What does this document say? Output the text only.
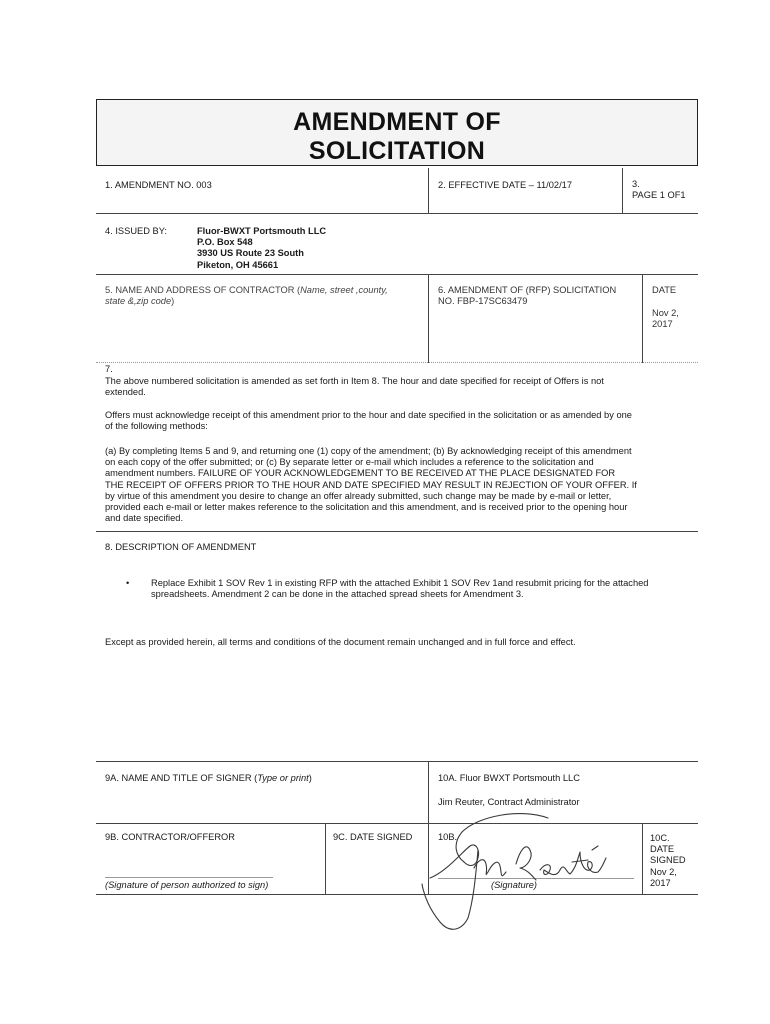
AMENDMENT OF
SOLICITATION
1. AMENDMENT NO. 003	2. EFFECTIVE DATE – 11/02/17	3.
PAGE 1 OF1
4. ISSUED BY:	Fluor-BWXT Portsmouth LLC
P.O. Box 548
3930 US Route 23 South
Piketon, OH 45661
5. NAME AND ADDRESS OF CONTRACTOR (Name, street ,county,
state &,zip code)
6. AMENDMENT OF (RFP) SOLICITATION
NO. FBP-17SC63479
DATE
Nov 2,
2017
7.
The above numbered solicitation is amended as set forth in Item 8. The hour and date specified for receipt of Offers is not
extended.
Offers must acknowledge receipt of this amendment prior to the hour and date specified in the solicitation or as amended by one
of the following methods:
(a) By completing Items 5 and 9, and returning one (1) copy of the amendment; (b) By acknowledging receipt of this amendment
on each copy of the offer submitted; or (c) By separate letter or e-mail which includes a reference to the solicitation and
amendment numbers. FAILURE OF YOUR ACKNOWLEDGEMENT TO BE RECEIVED AT THE PLACE DESIGNATED FOR
THE RECEIPT OF OFFERS PRIOR TO THE HOUR AND DATE SPECIFIED MAY RESULT IN REJECTION OF YOUR OFFER. If
by virtue of this amendment you desire to change an offer already submitted, such change may be made by e-mail or letter,
provided each e-mail or letter makes reference to the solicitation and this amendment, and is received prior to the opening hour
and date specified.
8. DESCRIPTION OF AMENDMENT
• Replace Exhibit 1 SOV Rev 1 in existing RFP with the attached Exhibit 1 SOV Rev 1and resubmit pricing for the attached
spreadsheets. Amendment 2 can be done in the attached spread sheets for Amendment 3.
Except as provided herein, all terms and conditions of the document remain unchanged and in full force and effect.
9A. NAME AND TITLE OF SIGNER (Type or print)	10A. Fluor BWXT Portsmouth LLC
Jim Reuter, Contract Administrator
9B. CONTRACTOR/OFFEROR
(Signature of person authorized to sign)
9C. DATE SIGNED	10B.
(Signature)
10C.
DATE
SIGNED
Nov 2,
2017
